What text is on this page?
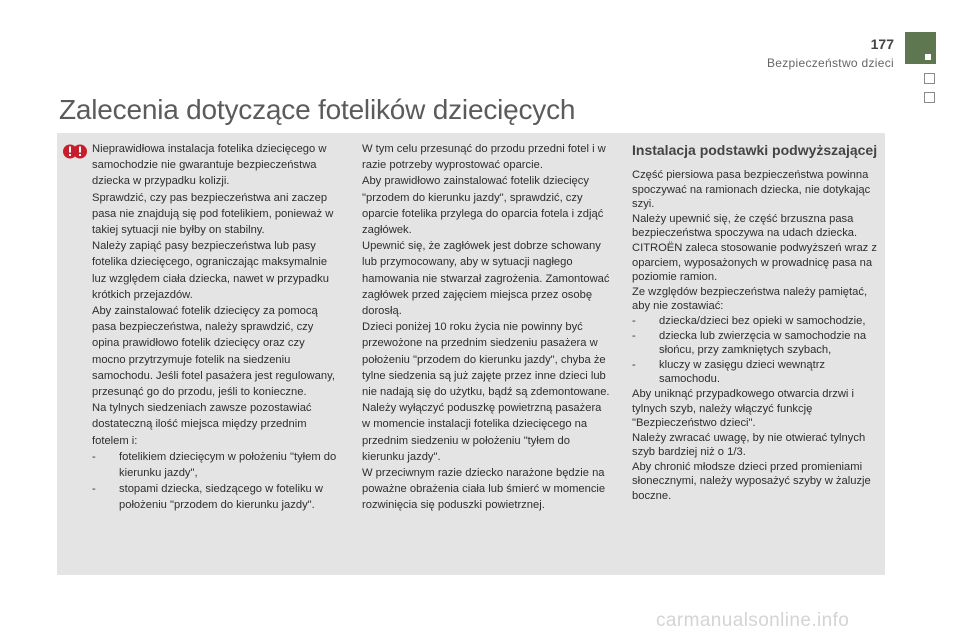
177
Bezpieczeństwo dzieci
Zalecenia dotyczące fotelików dziecięcych

Nieprawidłowa instalacja fotelika dziecięcego w samochodzie nie gwarantuje bezpieczeństwa dziecka w przypadku kolizji.

Sprawdzić, czy pas bezpieczeństwa ani zaczep pasa nie znajdują się pod fotelikiem, ponieważ w takiej sytuacji nie byłby on stabilny.

Należy zapiąć pasy bezpieczeństwa lub pasy fotelika dziecięcego, ograniczając maksymalnie luz względem ciała dziecka, nawet w przypadku krótkich przejazdów.

Aby zainstalować fotelik dziecięcy za pomocą pasa bezpieczeństwa, należy sprawdzić, czy opina prawidłowo fotelik dziecięcy oraz czy mocno przytrzymuje fotelik na siedzeniu samochodu. Jeśli fotel pasażera jest regulowany, przesunąć go do przodu, jeśli to konieczne.

Na tylnych siedzeniach zawsze pozostawiać dostateczną ilość miejsca między przednim fotelem i:

- fotelikiem dziecięcym w położeniu "tyłem do kierunku jazdy",
- stopami dziecka, siedzącego w foteliku w położeniu "przodem do kierunku jazdy".

W tym celu przesunąć do przodu przedni fotel i w razie potrzeby wyprostować oparcie.

Aby prawidłowo zainstalować fotelik dziecięcy "przodem do kierunku jazdy", sprawdzić, czy oparcie fotelika przylega do oparcia fotela i zdjąć zagłówek.

Upewnić się, że zagłówek jest dobrze schowany lub przymocowany, aby w sytuacji nagłego hamowania nie stwarzał zagrożenia. Zamontować zagłówek przed zajęciem miejsca przez osobę dorosłą.

Dzieci poniżej 10 roku życia nie powinny być przewożone na przednim siedzeniu pasażera w położeniu "przodem do kierunku jazdy", chyba że tylne siedzenia są już zajęte przez inne dzieci lub nie nadają się do użytku, bądź są zdemontowane.

Należy wyłączyć poduszkę powietrzną pasażera w momencie instalacji fotelika dziecięcego na przednim siedzeniu w położeniu "tyłem do kierunku jazdy".

W przeciwnym razie dziecko narażone będzie na poważne obrażenia ciała lub śmierć w momencie rozwinięcia się poduszki powietrznej.

Instalacja podstawki podwyższającej

Część piersiowa pasa bezpieczeństwa powinna spoczywać na ramionach dziecka, nie dotykając szyi.

Należy upewnić się, że część brzuszna pasa bezpieczeństwa spoczywa na udach dziecka.

CITROËN zaleca stosowanie podwyższeń wraz z oparciem, wyposażonych w prowadnicę pasa na poziomie ramion.

Ze względów bezpieczeństwa należy pamiętać, aby nie zostawiać:

- dziecka/dzieci bez opieki w samochodzie,
- dziecka lub zwierzęcia w samochodzie na słońcu, przy zamkniętych szybach,
- kluczy w zasięgu dzieci wewnątrz samochodu.

Aby uniknąć przypadkowego otwarcia drzwi i tylnych szyb, należy włączyć funkcję "Bezpieczeństwo dzieci".

Należy zwracać uwagę, by nie otwierać tylnych szyb bardziej niż o 1/3.

Aby chronić młodsze dzieci przed promieniami słonecznymi, należy wyposażyć szyby w żaluzje boczne.

carmanualsonline.info
